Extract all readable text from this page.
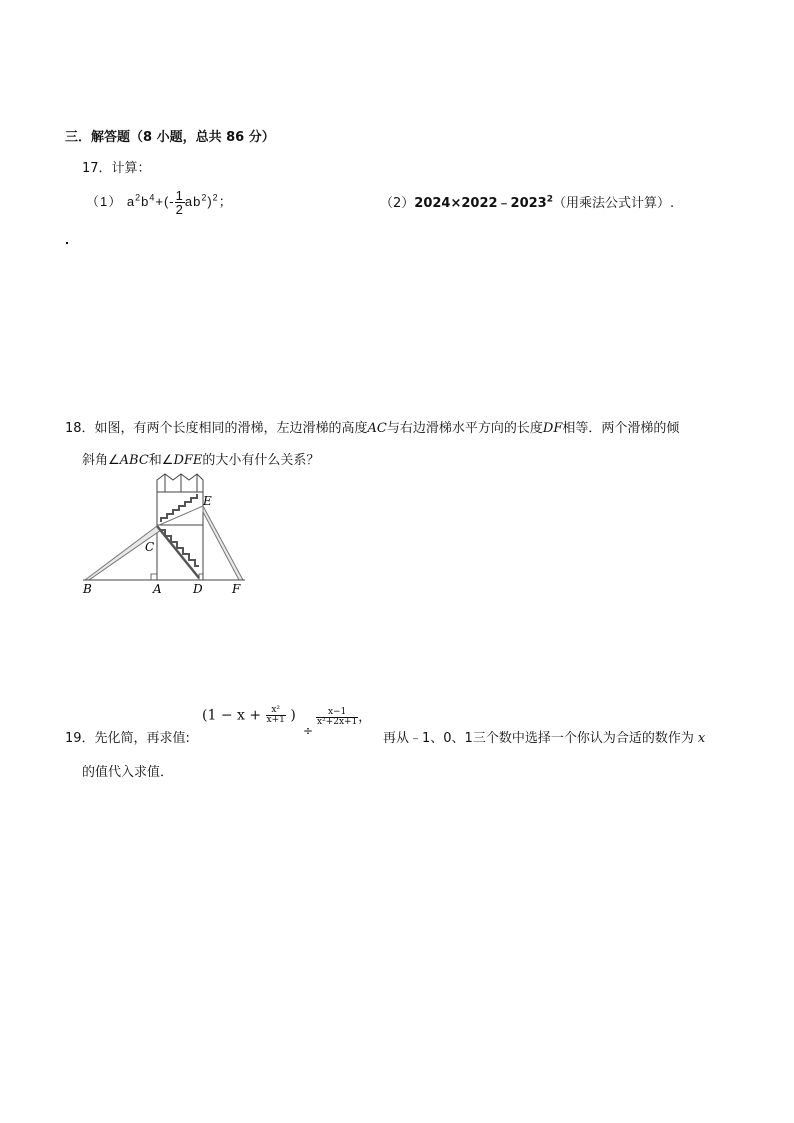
三．解答题（8 小题，总共 86 分）
17．计算：
（1） $a^2b^4+(- \frac{1}{2} ab^2)^2$；	$(2)2024\times 2022﹣2023^2$（用乘法公式计算）.
18．如图，有两个长度相同的滑梯，左边滑梯的高度AC与右边滑梯水平方向的长度DF相等．两个滑梯的倾
斜角∠ABC和∠DFE的大小有什么关系？
B	A	D F
C
E
19．先化简，再求值:
($1 - x + \frac{\text{x²}}{x+1}$ )
÷
$\frac{x-1}{\text{x²+2x+1}}$ ，
再从﹣1、0、1三个数中选择一个你认为合适的数作为 x
的值代入求值．
